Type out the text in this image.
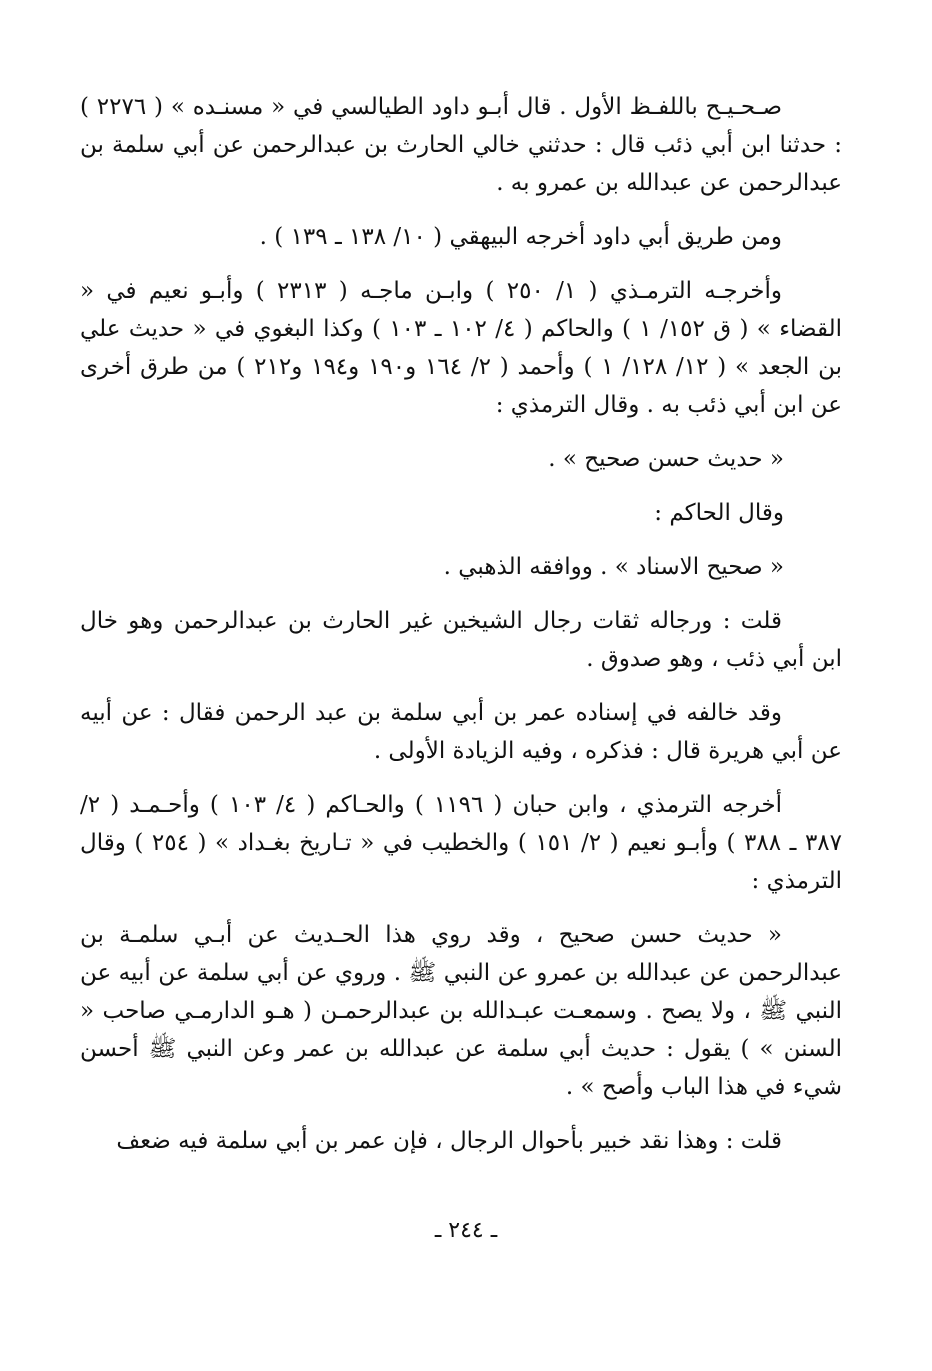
صـحـيـح باللفـظ الأول . قال أبـو داود الطيالسي في « مسنـده » ( ٢٢٧٦ ) : حدثنا ابن أبي ذئب قال : حدثني خالي الحارث بن عبدالرحمن عن أبي سلمة بن عبدالرحمن عن عبدالله بن عمرو به .

ومن طريق أبي داود أخرجه البيهقي ( ١٠/ ١٣٨ ـ ١٣٩ ) .

وأخرجـه الترمـذي ( ١/ ٢٥٠ ) وابـن ماجـه ( ٢٣١٣ ) وأبـو نعيم في « القضاء » ( ق ١٥٢/ ١ ) والحاكم ( ٤/ ١٠٢ ـ ١٠٣ ) وكذا البغوي في « حديث علي بن الجعد » ( ١٢/ ١٢٨/ ١ ) وأحمد ( ٢/ ١٦٤ و١٩٠ و١٩٤ و٢١٢ ) من طرق أخرى عن ابن أبي ذئب به . وقال الترمذي :

« حديث حسن صحيح » .

وقال الحاكم :

« صحيح الاسناد » . ووافقه الذهبي .

قلت : ورجاله ثقات رجال الشيخين غير الحارث بن عبدالرحمن وهو خال ابن أبي ذئب ، وهو صدوق .

وقد خالفه في إسناده عمر بن أبي سلمة بن عبد الرحمن فقال : عن أبيه عن أبي هريرة قال : فذكره ، وفيه الزيادة الأولى .

أخرجه الترمذي ، وابن حبان ( ١١٩٦ ) والحـاكم ( ٤/ ١٠٣ ) وأحـمـد ( ٢/ ٣٨٧ ـ ٣٨٨ ) وأبـو نعيم ( ٢/ ١٥١ ) والخطيب في « تـاريخ بغـداد » ( ٢٥٤ ) وقال الترمذي :

« حديث حسن صحيح ، وقد روي هذا الحـديث عن أبـي سلمـة بن عبدالرحمن عن عبدالله بن عمرو عن النبي ﷺ . وروي عن أبي سلمة عن أبيه عن النبي ﷺ ، ولا يصح . وسمعـت عبـدالله بن عبدالرحمـن ( هـو الدارمـي صاحب « السنن » ) يقول : حديث أبي سلمة عن عبدالله بن عمر وعن النبي ﷺ أحسن شيء في هذا الباب وأصح » .

قلت : وهذا نقد خبير بأحوال الرجال ، فإن عمر بن أبي سلمة فيه ضعف

ـ ٢٤٤ ـ
